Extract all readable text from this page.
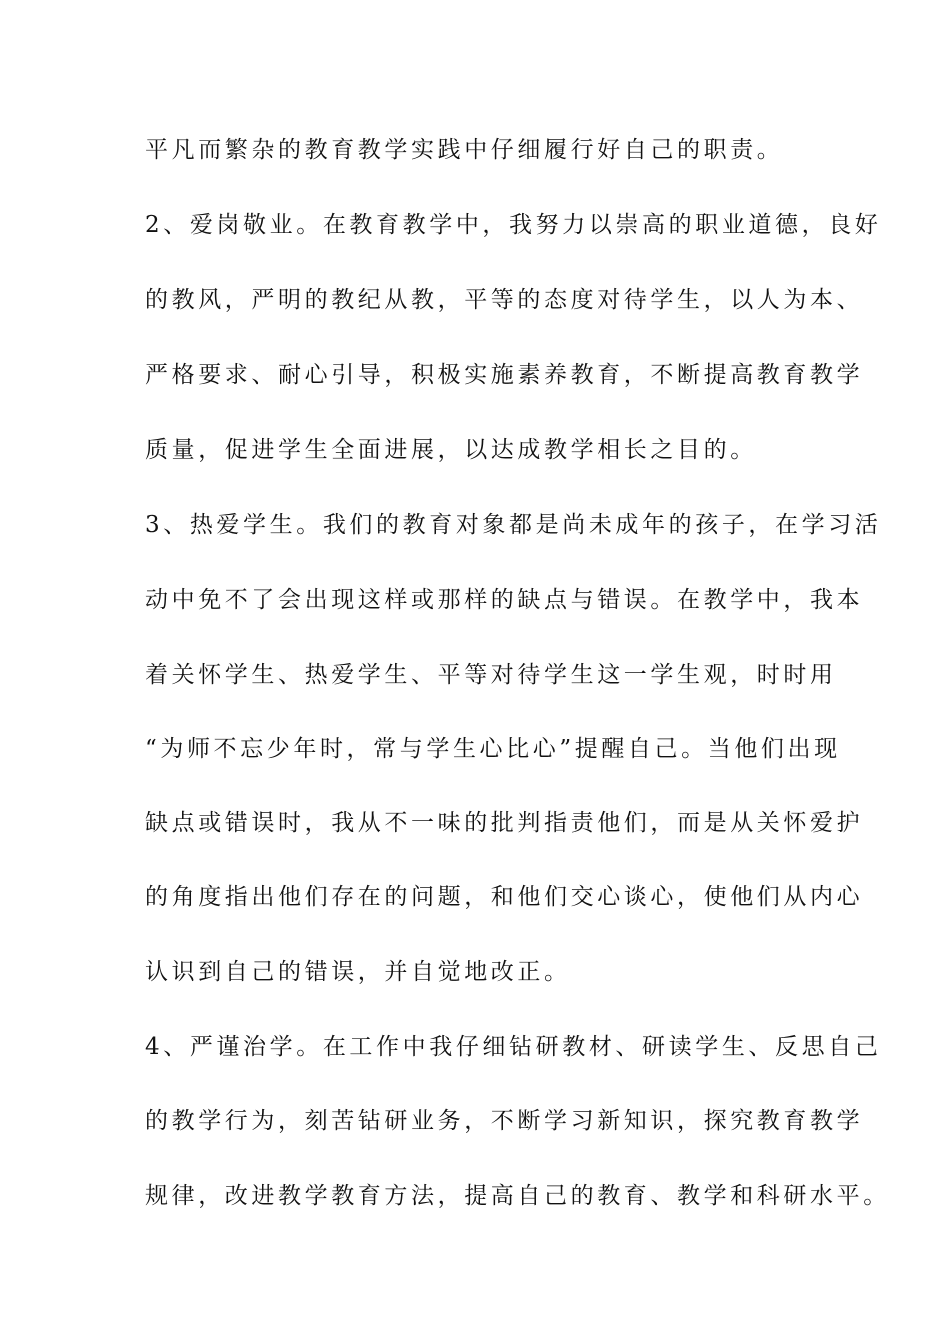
平凡而繁杂的教育教学实践中仔细履行好自己的职责。
2、爱岗敬业。在教育教学中，我努力以崇高的职业道德，良好
的教风，严明的教纪从教，平等的态度对待学生，以人为本、
严格要求、耐心引导，积极实施素养教育，不断提高教育教学
质量，促进学生全面进展，以达成教学相长之目的。
3、热爱学生。我们的教育对象都是尚未成年的孩子，在学习活
动中免不了会出现这样或那样的缺点与错误。在教学中，我本
着关怀学生、热爱学生、平等对待学生这一学生观，时时用
“为师不忘少年时，常与学生心比心”提醒自己。当他们出现
缺点或错误时，我从不一味的批判指责他们，而是从关怀爱护
的角度指出他们存在的问题，和他们交心谈心，使他们从内心
认识到自己的错误，并自觉地改正。
4、严谨治学。在工作中我仔细钻研教材、研读学生、反思自己
的教学行为，刻苦钻研业务，不断学习新知识，探究教育教学
规律，改进教学教育方法，提高自己的教育、教学和科研水平。
